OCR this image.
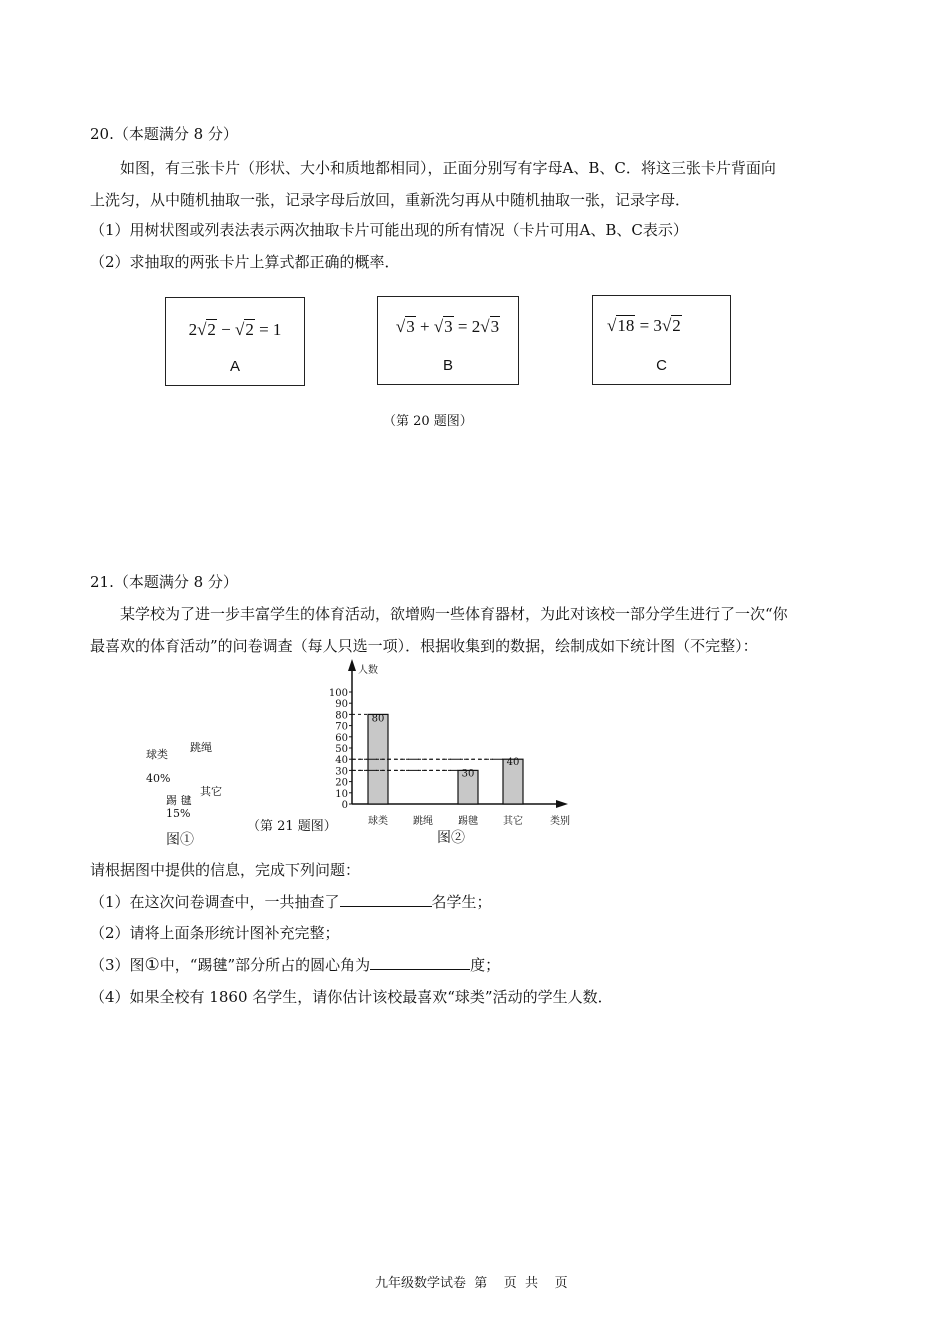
20.（本题满分 8 分）
如图，有三张卡片（形状、大小和质地都相同），正面分别写有字母A、B、C．将这三张卡片背面向
上洗匀，从中随机抽取一张，记录字母后放回，重新洗匀再从中随机抽取一张，记录字母．
（1）用树状图或列表法表示两次抽取卡片可能出现的所有情况（卡片可用A、B、C表示）
（2）求抽取的两张卡片上算式都正确的概率．
2√2 − √2 = 1
A
√3 + √3 = 2√3
B
√18 = 3√2
C
（第 20 题图）
21.（本题满分 8 分）
某学校为了进一步丰富学生的体育活动，欲增购一些体育器材，为此对该校一部分学生进行了一次“你
最喜欢的体育活动”的问卷调查（每人只选一项）．根据收集到的数据，绘制成如下统计图（不完整）：
球类
跳绳
40%
其它
踢 毽
15%
图①
（第 21 题图）
人数
0
10
20
30
40
50
60
70
80
90
100
球类
80
跳绳	踢毽
30
其它
40
类别
图②
请根据图中提供的信息，完成下列问题：
（1）在这次问卷调查中，一共抽查了	名学生；
（2）请将上面条形统计图补充完整；
（3）图①中，“踢毽”部分所占的圆心角为	度；
（4）如果全校有 1860 名学生，请你估计该校最喜欢“球类”活动的学生人数．
九年级数学试卷  第    页  共    页
